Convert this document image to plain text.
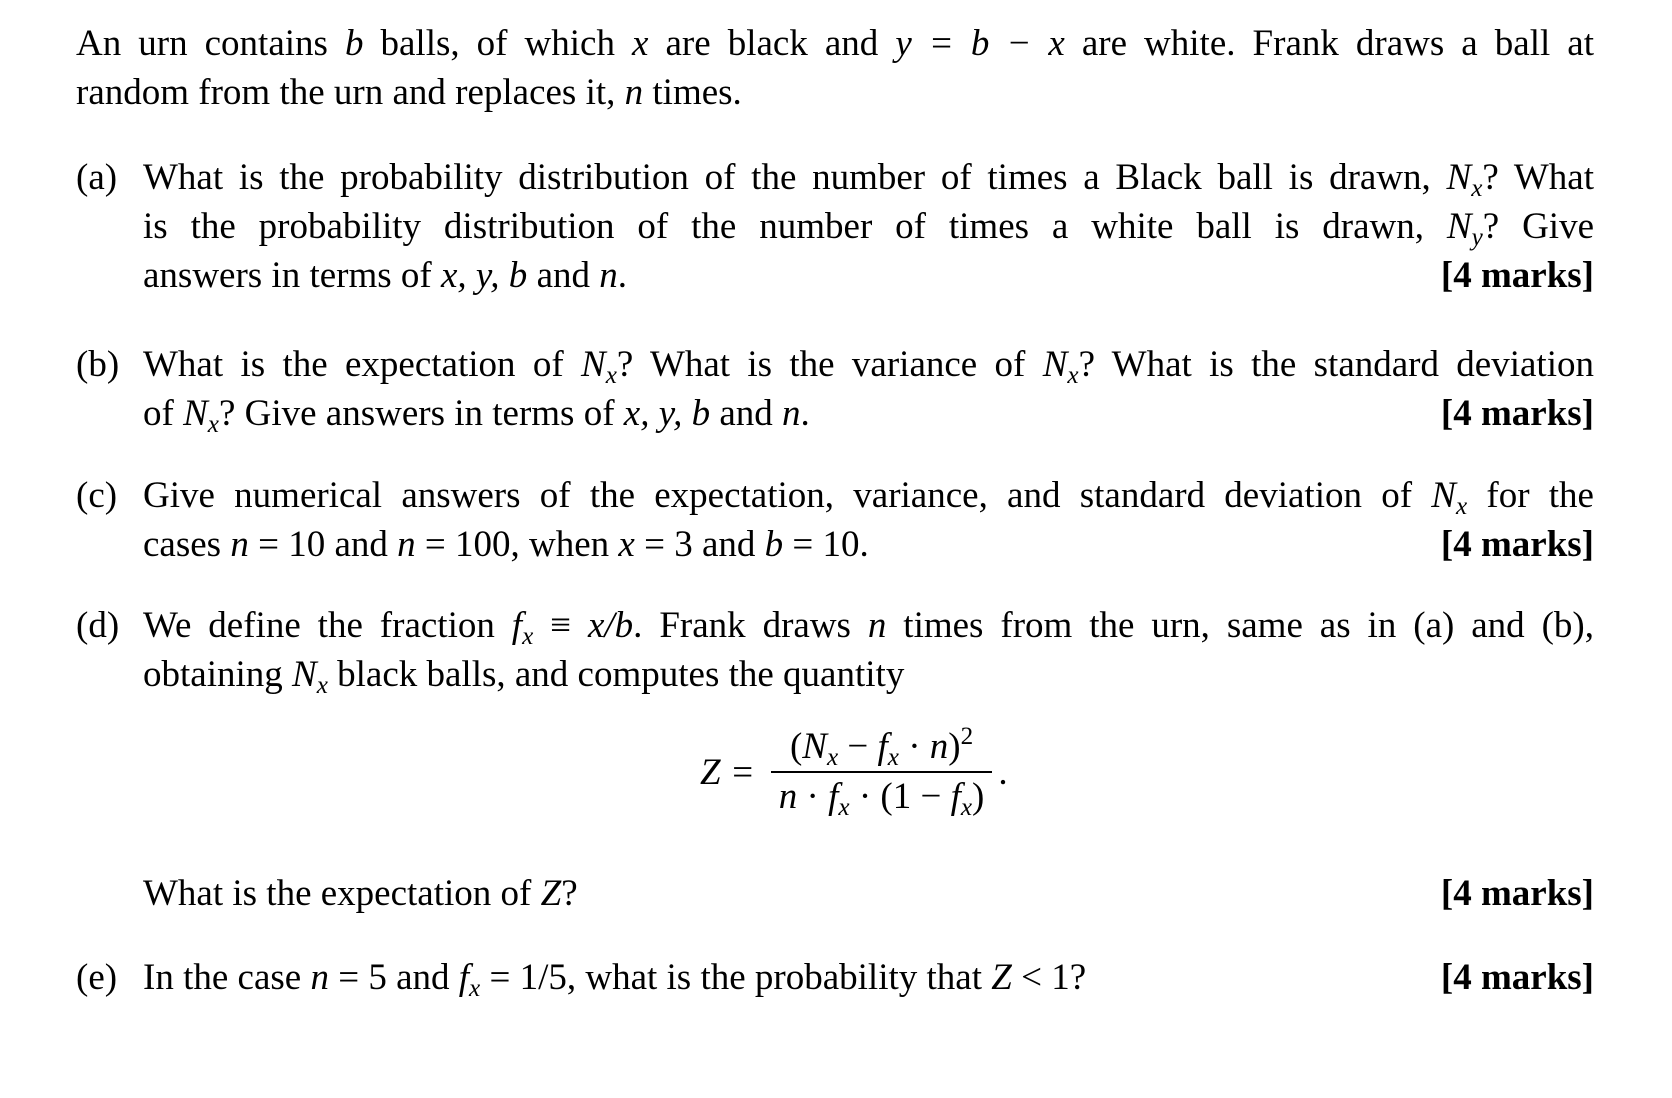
An urn contains b balls, of which x are black and y = b − x are white. Frank draws a ball at
random from the urn and replaces it, n times.
(a) What is the probability distribution of the number of times a Black ball is drawn, $N_x$? What
is the probability distribution of the number of times a white ball is drawn, $N_y$? Give
answers in terms of x, y, b and n.	[4 marks]
(b) What is the expectation of $N_x$? What is the variance of $N_x$? What is the standard deviation
of $N_x$? Give answers in terms of x, y, b and n.	[4 marks]
(c) Give numerical answers of the expectation, variance, and standard deviation of $N_x$ for the
cases n = 10 and n = 100, when x = 3 and b = 10.	[4 marks]
(d) We define the fraction $f_x \equiv x/b$. Frank draws n times from the urn, same as in (a) and (b),
obtaining $N_x$ black balls, and computes the quantity
$Z = \frac{(N_x - f_x \cdot n)^2}{n \cdot f_x \cdot (1 - f_x)}$ .
What is the expectation of Z?	[4 marks]
(e) In the case n = 5 and $f_x = 1/5$, what is the probability that Z < 1?	[4 marks]
